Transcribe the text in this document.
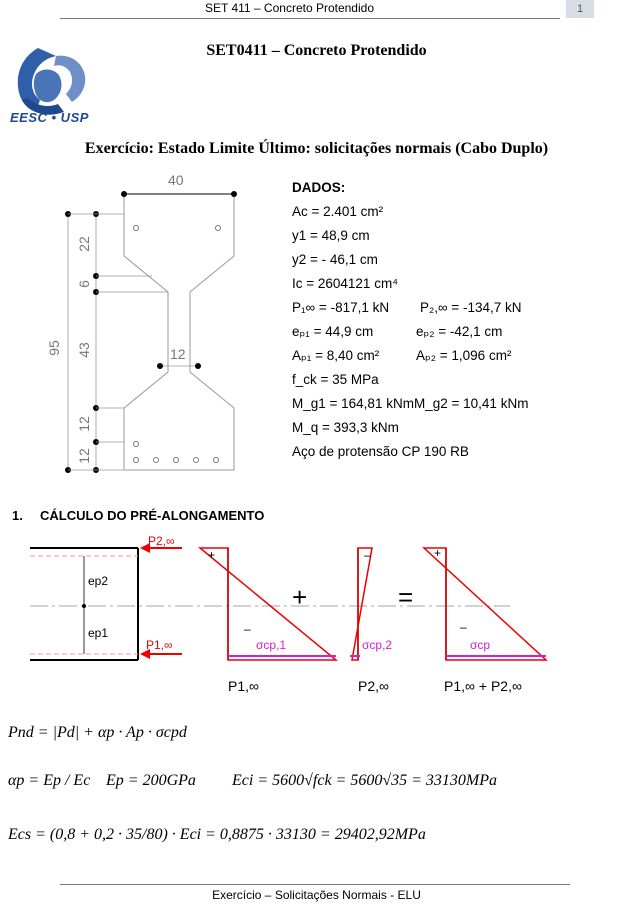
SET 411 – Concreto Protendido	1
EESC • USP
SET0411 – Concreto Protendido
Exercício: Estado Limite Último: solicitações normais (Cabo Duplo)
40
12
95
22
6
43
12
12
DADOS:
Ac = 2.401 cm²
y1 = 48,9 cm
y2 = - 46,1 cm
Ic = 2604121 cm⁴
P₁∞ = -817,1 kN P₂,∞ = -134,7 kN
eₚ₁ = 44,9 cm	eₚ₂ = -42,1 cm
Aₚ₁ = 8,40 cm²	Aₚ₂ = 1,096 cm²
f_ck = 35 MPa
M_g1 = 164,81 kNm M_g2 = 10,41 kNm
M_q = 393,3 kNm
Aço de protensão CP 190 RB
1. CÁLCULO DO PRÉ-ALONGAMENTO
P2,∞
P1,∞
ep2
ep1
+
–
–	+
–
+	=
σcp,1	σcp,2	σcp
P1,∞	P2,∞	P1,∞ + P2,∞
Pnd = |Pd| + αp · Ap · σcpd
αp = Ep / Ec Ep = 200GPa Eci = 5600√fck = 5600√35 = 33130MPa
Ecs = (0,8 + 0,2 · 35/80) · Eci = 0,8875 · 33130 = 29402,92MPa
Exercício – Solicitações Normais - ELU
